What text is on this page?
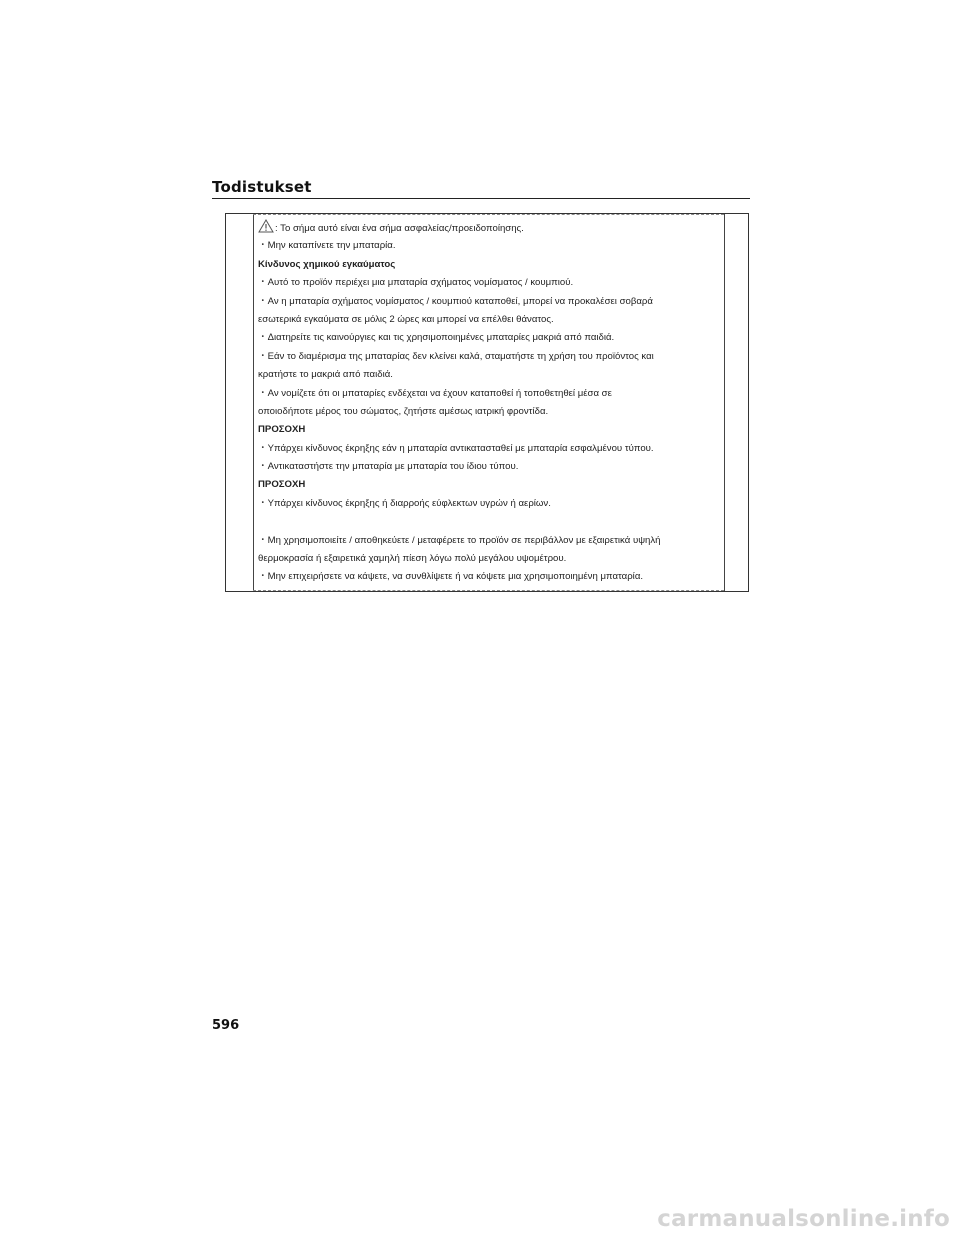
Todistukset
: Το σήμα αυτό είναι ένα σήμα ασφαλείας/προειδοποίησης.
・Μην καταπίνετε την μπαταρία.
Κίνδυνος χημικού εγκαύματος
・Αυτό το προϊόν περιέχει μια μπαταρία σχήματος νομίσματος / κουμπιού.
・Αν η μπαταρία σχήματος νομίσματος / κουμπιού καταποθεί, μπορεί να προκαλέσει σοβαρά
εσωτερικά εγκαύματα σε μόλις 2 ώρες και μπορεί να επέλθει θάνατος.
・Διατηρείτε τις καινούργιες και τις χρησιμοποιημένες μπαταρίες μακριά από παιδιά.
・Εάν το διαμέρισμα της μπαταρίας δεν κλείνει καλά, σταματήστε τη χρήση του προϊόντος και
κρατήστε το μακριά από παιδιά.
・Αν νομίζετε ότι οι μπαταρίες ενδέχεται να έχουν καταποθεί ή τοποθετηθεί μέσα σε
οποιοδήποτε μέρος του σώματος, ζητήστε αμέσως ιατρική φροντίδα.
ΠΡΟΣΟΧΗ
・Υπάρχει κίνδυνος έκρηξης εάν η μπαταρία αντικατασταθεί με μπαταρία εσφαλμένου τύπου.
・Αντικαταστήστε την μπαταρία με μπαταρία του ίδιου τύπου.
ΠΡΟΣΟΧΗ
・Υπάρχει κίνδυνος έκρηξης ή διαρροής εύφλεκτων υγρών ή αερίων.
・Μη χρησιμοποιείτε / αποθηκεύετε / μεταφέρετε το προϊόν σε περιβάλλον με εξαιρετικά υψηλή
θερμοκρασία ή εξαιρετικά χαμηλή πίεση λόγω πολύ μεγάλου υψομέτρου.
・Μην επιχειρήσετε να κάψετε, να συνθλίψετε ή να κόψετε μια χρησιμοποιημένη μπαταρία.
596
carmanualsonline.info
